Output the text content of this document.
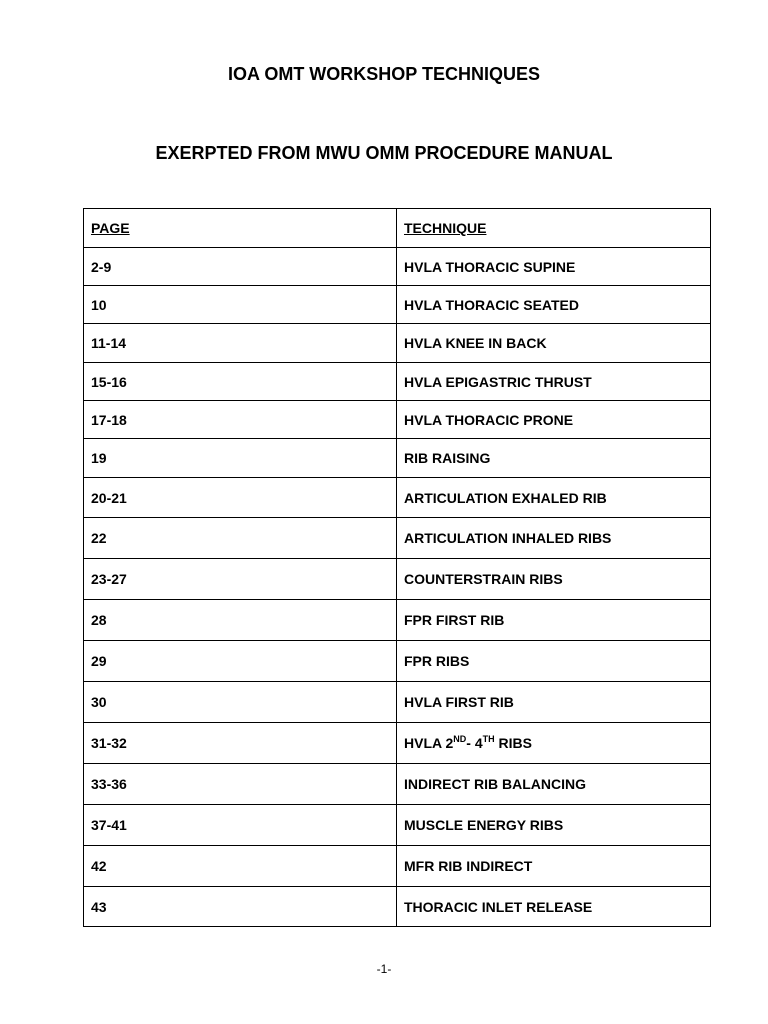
IOA OMT WORKSHOP TECHNIQUES
EXERPTED FROM MWU OMM PROCEDURE MANUAL
PAGE	TECHNIQUE
2-9	HVLA THORACIC SUPINE
10	HVLA THORACIC SEATED
11-14	HVLA KNEE IN BACK
15-16	HVLA EPIGASTRIC THRUST
17-18	HVLA THORACIC PRONE
19	RIB RAISING
20-21	ARTICULATION EXHALED RIB
22	ARTICULATION INHALED RIBS
23-27	COUNTERSTRAIN RIBS
28	FPR FIRST RIB
29	FPR RIBS
30	HVLA FIRST RIB
31-32	HVLA 2ND- 4TH RIBS
33-36	INDIRECT RIB BALANCING
37-41	MUSCLE ENERGY RIBS
42	MFR RIB INDIRECT
43	THORACIC INLET RELEASE
-1-
